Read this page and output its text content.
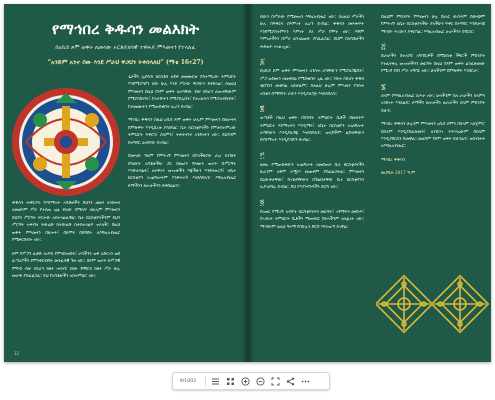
የማኅበረ ቅዱሳን መልእክት
በዐቢይ ጾም ወቅት ለመላው ኦርቶዶክሳዊ ተዋሕዶ ምእመናን የተላለፈ
“አንድም አንተ ሰው እንደ ሥራህ ዋጋህን ትቀበላለህ” (ማቴ 16፥27)

ቅዱሳን ሐዋርያት የሃይማኖት አባቶቻችን ይህንን ዘመን ለንስሐና ለመልካም ሥራ የተሰጠ ጊዜ ብለው በማለፍ ለሁሉም ምእመናን ይህንን ሥርዓት ሠርተው አስተላልፈዋል። ቤተ ክርስቲያናችንም ይህን ሥርዓት ተቀብላ ትውልድ ከትውልድ ስታስተላልፍ ኖራለች። በዚህ ወቅት ምእመናን በጸሎት፣ በጾምና በስግደት ለእግዚአብሔር የሚቀርቡበት ነው።

ጾም የሥጋን ፈቃድ ለነፍስ የምናስገዛበት፣ ራሳችንን ዝቅ አድርገን ወደ ፈጣሪያችን የምንቀርብበት መንፈሳዊ ጉዞ ነው። በጾም ወራት ከሥጋዊ ምግብ ብቻ ሳይሆን ከክፉ ሐሳብ፣ ከክፉ ንግግርና ከክፉ ሥራ ሁሉ መራቅ ያስፈልጋል። ይህ የአባቶቻችን አስተምህሮ ነው።

ጌታችን ኢየሱስ ክርስቶስ ለደቀ መዛሙርቱ ያስተማረው ትምህርት እንደሚያሳየን ሰው ሁሉ እንደ ሥራው ዋጋውን ይቀበላል። ስለዚህ ምእመናን በዚህ የጾም ወቅት ለራሳቸው ብቻ ሳይሆን ለወገናቸውም የሚያስቡበት፣ የተራቡትን የሚያበሉበት፣ የታረዙትን የሚያለብሱበት፣ የታመሙትን የሚጠይቁበት ሊሆን ይገባል።

ማኅበረ ቅዱሳን በዚህ ዐቢይ ጾም ወቅት ሁሉም ምእመናን በጸሎትና በምጽዋት እንዲበረቱ ያሳስባል። ቤተ ክርስቲያናችን የምታስተምረው ትምህርት ፍቅርን፣ ሰላምን፣ ትሕትናንና አንድነትን ነው። ይህንንም በተግባር ልናሳየው ይገባል።

በመላው ዓለም የምትገኙ ምእመናን በያላችሁበት ሀገረ ስብከት ከካህናት አባቶቻችሁ ጋር በመሆን የጾሙን ወራት በሥርዓት እንድታሳልፉ፣ ለተቸገሩ ወገኖቻችን እጃችሁን እንድትዘረጉ፣ ለቤተ ክርስቲያን አገልግሎትም እንድትተጉ እናሳስባለን። እግዚአብሔር ጾማችንን ጸሎታችንን ይቀበልልን።

12

ሰውን በሥራው የሚመዝን እግዚአብሔር ነው። ስለዚህ ሥራችን ሁሉ በፍቅርና በእምነት ሊሆን ይገባል። ቅዱሳን መጻሕፍት እንደሚያስተምሩን እምነት ያለ ሥራ የሞተ ነው። እኛም እምነታችንን በሥራ ልንገልጠው ያስፈልጋል። ይህም በአባቶቻችን ሕይወት ተገልጧል።

፩

በዐቢይ ጾም ወቅት ምእመናን ለንስሐ ራሳቸውን የሚያዘጋጁበት፣ ሥጋ ወደሙን ለመቀበል የሚበቁበት ጊዜ ነው። ንስሐ ሳይገቡ ቅዱስ ቁርባንን መቀበል አይቻልም። ስለዚህ ሁሉም ምእመን የንስሐ አባቱን በማግኘት ራሱን እንዲያዘጋጅ እናሳስባለን።

፪

ወጣቶች በዚህ ወቅት በሰንበት ትምህርት ቤቶች በመሳተፍ ትምህርተ ሃይማኖትን እንዲማሩ፣ ለቤተ ክርስቲያን አገልግሎት ራሳቸውን እንዲያዘጋጁ እናሳስባለን። ወላጆችም ልጆቻቸውን በሃይማኖት እንዲያሳድጉ ይገባል።

፫

ዘመኑ የሚጠይቀውን አገልግሎት ለመስጠት ቤተ ክርስቲያናችን ሁሉንም አቅም አሟጦ መጠቀም ያስፈልጋታል። ምእመናን በዕውቀታቸው፣ በገንዘባቸውና በጉልበታቸው ቤተ ክርስቲያንን ሊያገለግሉ ይገባል። ይህ የእያንዳንዳችን ድርሻ ነው።

፬

በገጠር የሚገኙ አብያተ ክርስቲያናትን መርዳት፣ ገዳማትን መደገፍ፣ የአብነት ትምህርት ቤቶችን ማጠናከር የሁላችንም ኃላፊነት ነው። ማኅበሩም ለዚህ ዓላማ የበኩሉን ድርሻ እየተወጣ ይገኛል።

በዚህም ምክንያት ምእመናን ሁሉ በሀገር ውስጥም በውጭም የምትገኙ ለቤተ ክርስቲያናችሁ ያላችሁን ፍቅር በተግባር እንድታሳዩ ማኅበሩ ጥሪውን ያቀርባል። እግዚአብሔር ሀገራችንን ይባርክ።

፭

በሀገራችን በተለያዩ አካባቢዎች በሚከሰቱ ችግሮች ምክንያት የተፈናቀሉ ወገኖቻችንን መርዳት በዚህ የጾም ወቅት ልንፈጽመው የሚገባ የበጎ ሥራ ተግባር ነው። ሁላችንም በምጽዋት እንበርታ።

፮

ሰላም የእግዚአብሔር ስጦታ ነው። ሁላችንም ስለ ሀገራችን ሰላምና አንድነት እንጸልይ። ጾማችን ጸሎታችን ለሀገራችን ሰላም ምክንያት ይሁን።

ማኅበረ ቅዱሳን ሁሉንም ምእመናን ዐቢይ ጾምን በሰላም አስጀምሮ በሰላም እንዲያስፈጽመን፣ ለብርሃነ ትንሣኤውም በሰላም እንዲያደርሰን ይመኛል። መልካም የጾም ወቅት ይሁንልን። ወስብሐት ለእግዚአብሔር።

ማኅበረ ቅዱሳን

መጋቢት 2017 ዓ.ም

9/1002
